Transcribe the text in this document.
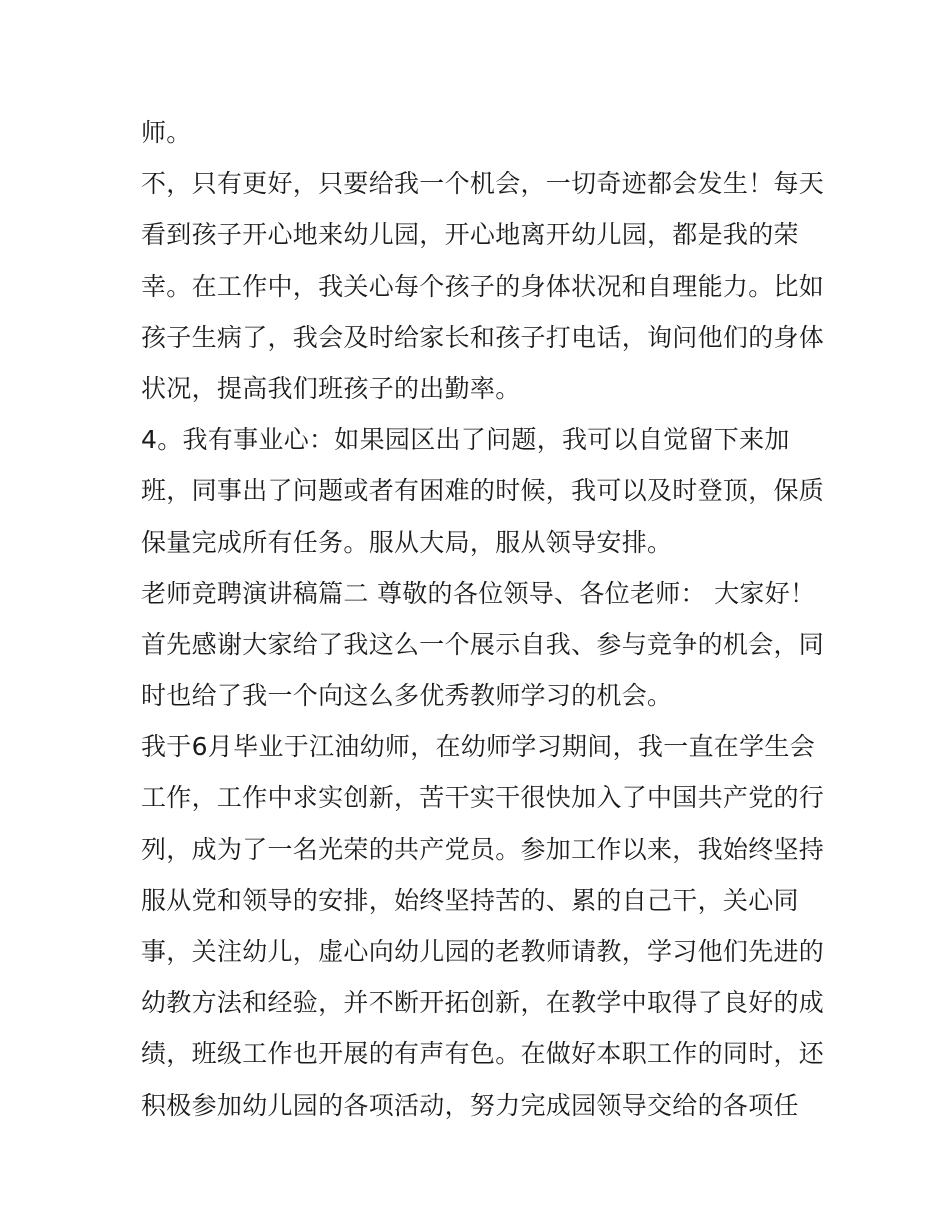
师。
不，只有更好，只要给我一个机会，一切奇迹都会发生！每天
看到孩子开心地来幼儿园，开心地离开幼儿园，都是我的荣
幸。在工作中，我关心每个孩子的身体状况和自理能力。比如
孩子生病了，我会及时给家长和孩子打电话，询问他们的身体
状况，提高我们班孩子的出勤率。
4。我有事业心：如果园区出了问题，我可以自觉留下来加
班，同事出了问题或者有困难的时候，我可以及时登顶，保质
保量完成所有任务。服从大局，服从领导安排。
老师竞聘演讲稿篇二 尊敬的各位领导、各位老师： 大家好！
首先感谢大家给了我这么一个展示自我、参与竞争的机会，同
时也给了我一个向这么多优秀教师学习的机会。
我于6月毕业于江油幼师，在幼师学习期间，我一直在学生会
工作，工作中求实创新，苦干实干很快加入了中国共产党的行
列，成为了一名光荣的共产党员。参加工作以来，我始终坚持
服从党和领导的安排，始终坚持苦的、累的自己干，关心同
事，关注幼儿，虚心向幼儿园的老教师请教，学习他们先进的
幼教方法和经验，并不断开拓创新，在教学中取得了良好的成
绩，班级工作也开展的有声有色。在做好本职工作的同时，还
积极参加幼儿园的各项活动，努力完成园领导交给的各项任
